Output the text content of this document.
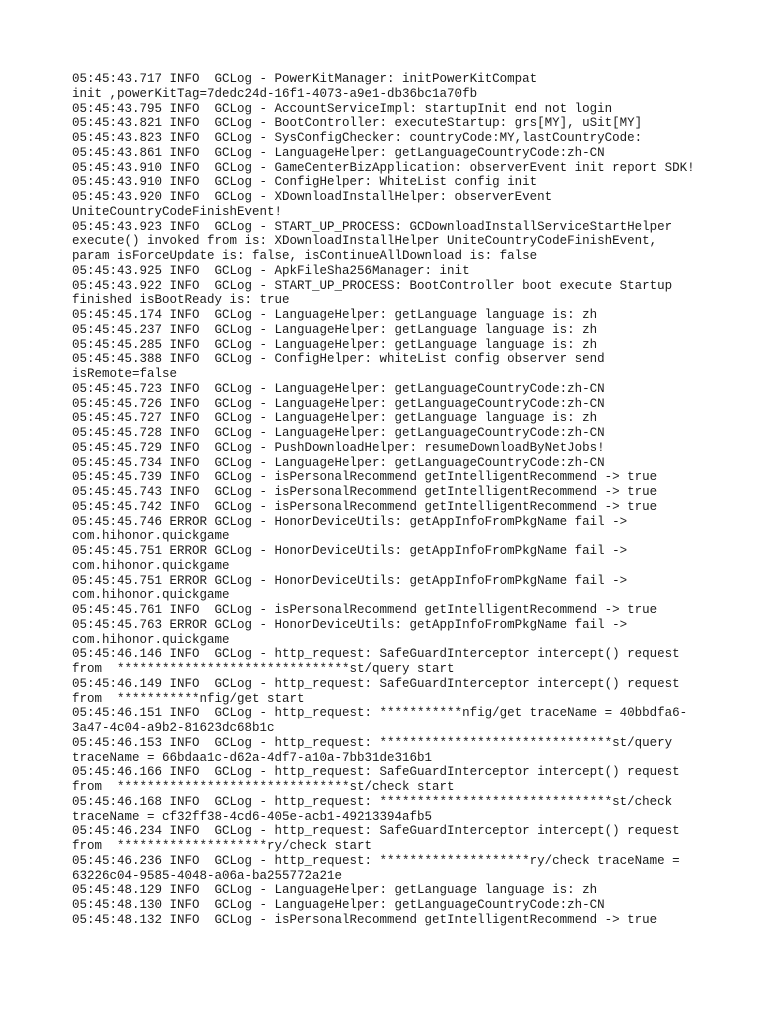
05:45:43.717 INFO  GCLog - PowerKitManager: initPowerKitCompat
init ,powerKitTag=7dedc24d-16f1-4073-a9e1-db36bc1a70fb
05:45:43.795 INFO  GCLog - AccountServiceImpl: startupInit end not login
05:45:43.821 INFO  GCLog - BootController: executeStartup: grs[MY], uSit[MY]
05:45:43.823 INFO  GCLog - SysConfigChecker: countryCode:MY,lastCountryCode:
05:45:43.861 INFO  GCLog - LanguageHelper: getLanguageCountryCode:zh-CN
05:45:43.910 INFO  GCLog - GameCenterBizApplication: observerEvent init report SDK!
05:45:43.910 INFO  GCLog - ConfigHelper: WhiteList config init
05:45:43.920 INFO  GCLog - XDownloadInstallHelper: observerEvent
UniteCountryCodeFinishEvent!
05:45:43.923 INFO  GCLog - START_UP_PROCESS: GCDownloadInstallServiceStartHelper
execute() invoked from is: XDownloadInstallHelper UniteCountryCodeFinishEvent,
param isForceUpdate is: false, isContinueAllDownload is: false
05:45:43.925 INFO  GCLog - ApkFileSha256Manager: init
05:45:43.922 INFO  GCLog - START_UP_PROCESS: BootController boot execute Startup
finished isBootReady is: true
05:45:45.174 INFO  GCLog - LanguageHelper: getLanguage language is: zh
05:45:45.237 INFO  GCLog - LanguageHelper: getLanguage language is: zh
05:45:45.285 INFO  GCLog - LanguageHelper: getLanguage language is: zh
05:45:45.388 INFO  GCLog - ConfigHelper: whiteList config observer send
isRemote=false
05:45:45.723 INFO  GCLog - LanguageHelper: getLanguageCountryCode:zh-CN
05:45:45.726 INFO  GCLog - LanguageHelper: getLanguageCountryCode:zh-CN
05:45:45.727 INFO  GCLog - LanguageHelper: getLanguage language is: zh
05:45:45.728 INFO  GCLog - LanguageHelper: getLanguageCountryCode:zh-CN
05:45:45.729 INFO  GCLog - PushDownloadHelper: resumeDownloadByNetJobs!
05:45:45.734 INFO  GCLog - LanguageHelper: getLanguageCountryCode:zh-CN
05:45:45.739 INFO  GCLog - isPersonalRecommend getIntelligentRecommend -> true
05:45:45.743 INFO  GCLog - isPersonalRecommend getIntelligentRecommend -> true
05:45:45.742 INFO  GCLog - isPersonalRecommend getIntelligentRecommend -> true
05:45:45.746 ERROR GCLog - HonorDeviceUtils: getAppInfoFromPkgName fail ->
com.hihonor.quickgame
05:45:45.751 ERROR GCLog - HonorDeviceUtils: getAppInfoFromPkgName fail ->
com.hihonor.quickgame
05:45:45.751 ERROR GCLog - HonorDeviceUtils: getAppInfoFromPkgName fail ->
com.hihonor.quickgame
05:45:45.761 INFO  GCLog - isPersonalRecommend getIntelligentRecommend -> true
05:45:45.763 ERROR GCLog - HonorDeviceUtils: getAppInfoFromPkgName fail ->
com.hihonor.quickgame
05:45:46.146 INFO  GCLog - http_request: SafeGuardInterceptor intercept() request
from  *******************************st/query start
05:45:46.149 INFO  GCLog - http_request: SafeGuardInterceptor intercept() request
from  ***********nfig/get start
05:45:46.151 INFO  GCLog - http_request: ***********nfig/get traceName = 40bbdfa6-
3a47-4c04-a9b2-81623dc68b1c
05:45:46.153 INFO  GCLog - http_request: *******************************st/query
traceName = 66bdaa1c-d62a-4df7-a10a-7bb31de316b1
05:45:46.166 INFO  GCLog - http_request: SafeGuardInterceptor intercept() request
from  *******************************st/check start
05:45:46.168 INFO  GCLog - http_request: *******************************st/check
traceName = cf32ff38-4cd6-405e-acb1-49213394afb5
05:45:46.234 INFO  GCLog - http_request: SafeGuardInterceptor intercept() request
from  ********************ry/check start
05:45:46.236 INFO  GCLog - http_request: ********************ry/check traceName =
63226c04-9585-4048-a06a-ba255772a21e
05:45:48.129 INFO  GCLog - LanguageHelper: getLanguage language is: zh
05:45:48.130 INFO  GCLog - LanguageHelper: getLanguageCountryCode:zh-CN
05:45:48.132 INFO  GCLog - isPersonalRecommend getIntelligentRecommend -> true
